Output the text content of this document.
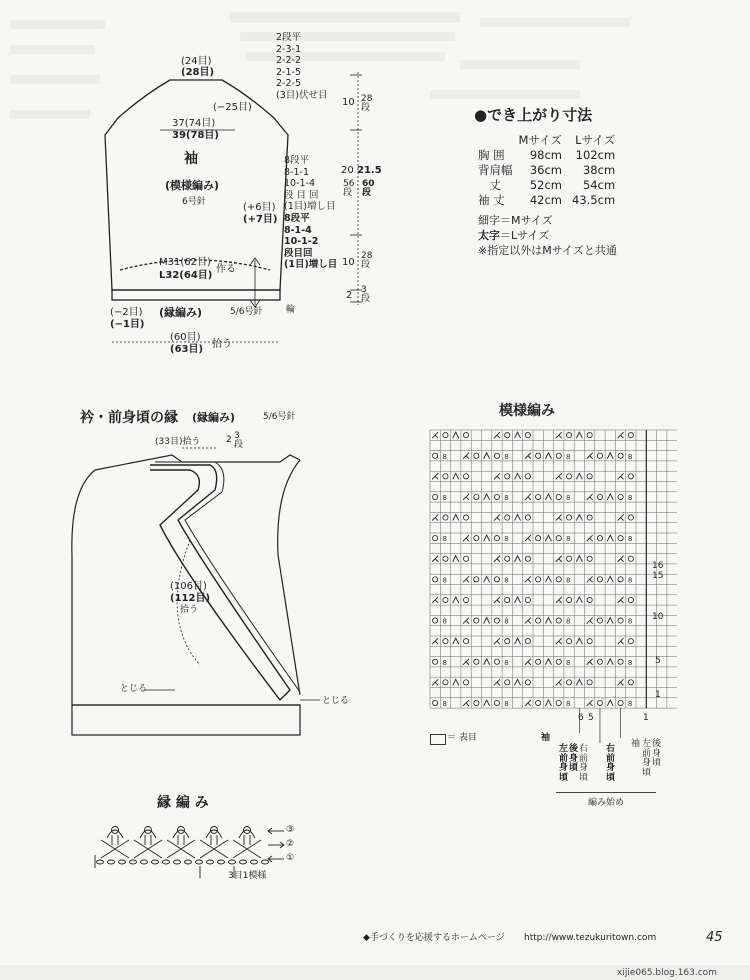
8	8	8	8
8	8	8	8
8	8	8	8
8	8	8	8
8	8	8	8
8	8	8	8
8	8	8	8
(24目)
(28目)
(−25目)
37(74目)
39(78目)
袖
(模様編み)
6号針	(+6目)
(+7目)
M31(62目)
L32(64目)
作る
(縁編み)	5/6号針
(−2目)
(−1目)
(60目)
(63目) 拾う
輪
2段平
2-3-1
2-2-2
2-1-5
2-2-5
(3目)伏せ目
10 28段
8段平
8-1-1
10-1-4
段 目 回
(1目)増し目
8段平
8-1-4
10-1-2
段目回
(1目)増し目
20 21.5
56段
60段
10
28段
2 3段
●でき上がり寸法
	Mサイズ	Lサイズ
胸 囲	98cm	102cm
背肩幅	36cm	38cm
丈	52cm	54cm
袖 丈	42cm	43.5cm
細字＝Mサイズ
太字＝Lサイズ
※指定以外はMサイズと共通
衿・前身頃の縁 (縁編み)	5/6号針
(33目)拾う	2 3段
(106目)
(112目)
拾う
とじる
とじる
模様編み
1
5
10
15
16
6 5	1
＝ 表目	袖
左前身頃
後身頃
右前身頃
右前身頃
袖 左前身頃
後身頃
編み始め
縁 編 み
③
②
①
3目1模様
◆手づくりを応援するホームページ http://www.tezukuritown.com	45
xijie065.blog.163.com
